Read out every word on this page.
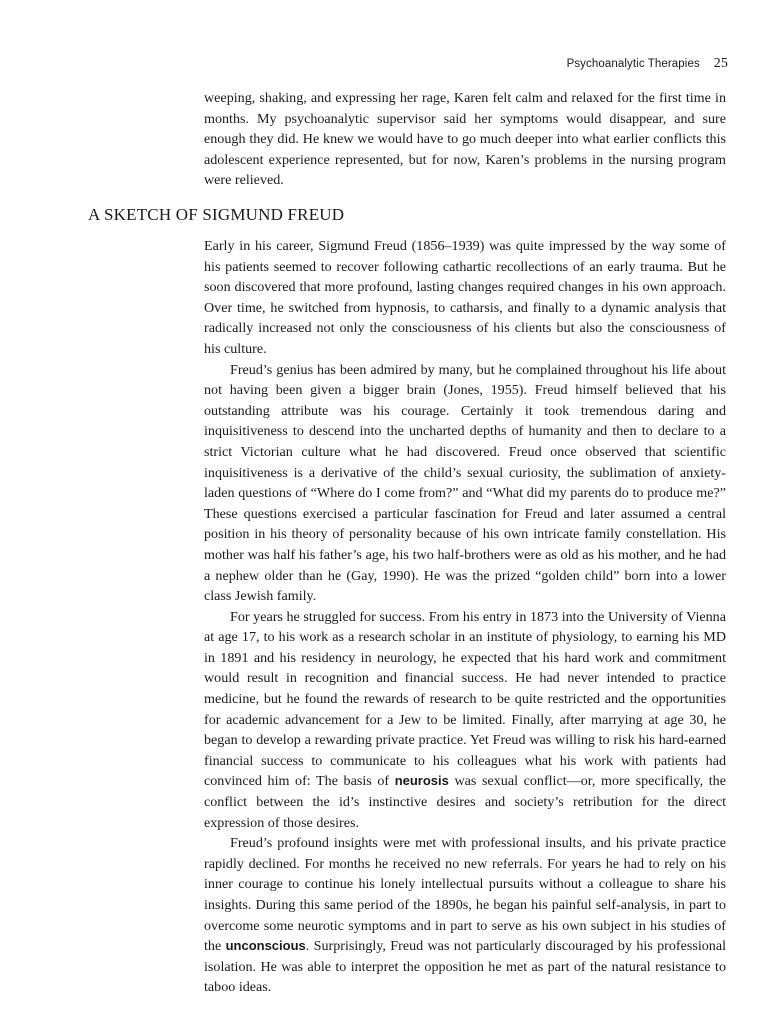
Psychoanalytic Therapies 25

weeping, shaking, and expressing her rage, Karen felt calm and relaxed for the first time in months. My psychoanalytic supervisor said her symptoms would disappear, and sure enough they did. He knew we would have to go much deeper into what earlier conflicts this adolescent experience represented, but for now, Karen’s problems in the nursing program were relieved.

A SKETCH OF SIGMUND FREUD

Early in his career, Sigmund Freud (1856–1939) was quite impressed by the way some of his patients seemed to recover following cathartic recollections of an early trauma. But he soon discovered that more profound, lasting changes required changes in his own approach. Over time, he switched from hypnosis, to catharsis, and finally to a dynamic analysis that radically increased not only the consciousness of his clients but also the consciousness of his culture.

Freud’s genius has been admired by many, but he complained throughout his life about not having been given a bigger brain (Jones, 1955). Freud himself believed that his outstanding attribute was his courage. Certainly it took tremendous daring and inquisitiveness to descend into the uncharted depths of humanity and then to declare to a strict Victorian culture what he had discovered. Freud once observed that scientific inquisitiveness is a derivative of the child’s sexual curiosity, the sublimation of anxiety-laden questions of “Where do I come from?” and “What did my parents do to produce me?” These questions exercised a particular fascination for Freud and later assumed a central position in his theory of personality because of his own intricate family constellation. His mother was half his father’s age, his two half-brothers were as old as his mother, and he had a nephew older than he (Gay, 1990). He was the prized “golden child” born into a lower class Jewish family.

For years he struggled for success. From his entry in 1873 into the University of Vienna at age 17, to his work as a research scholar in an institute of physiology, to earning his MD in 1891 and his residency in neurology, he expected that his hard work and commitment would result in recognition and financial success. He had never intended to practice medicine, but he found the rewards of research to be quite restricted and the opportunities for academic advancement for a Jew to be limited. Finally, after marrying at age 30, he began to develop a rewarding private practice. Yet Freud was willing to risk his hard-earned financial success to communicate to his colleagues what his work with patients had convinced him of: The basis of neurosis was sexual conflict—or, more specifically, the conflict between the id’s instinctive desires and society’s retribution for the direct expression of those desires.

Freud’s profound insights were met with professional insults, and his private practice rapidly declined. For months he received no new referrals. For years he had to rely on his inner courage to continue his lonely intellectual pursuits without a colleague to share his insights. During this same period of the 1890s, he began his painful self-analysis, in part to overcome some neurotic symptoms and in part to serve as his own subject in his studies of the unconscious. Surprisingly, Freud was not particularly discouraged by his professional isolation. He was able to interpret the opposition he met as part of the natural resistance to taboo ideas.
